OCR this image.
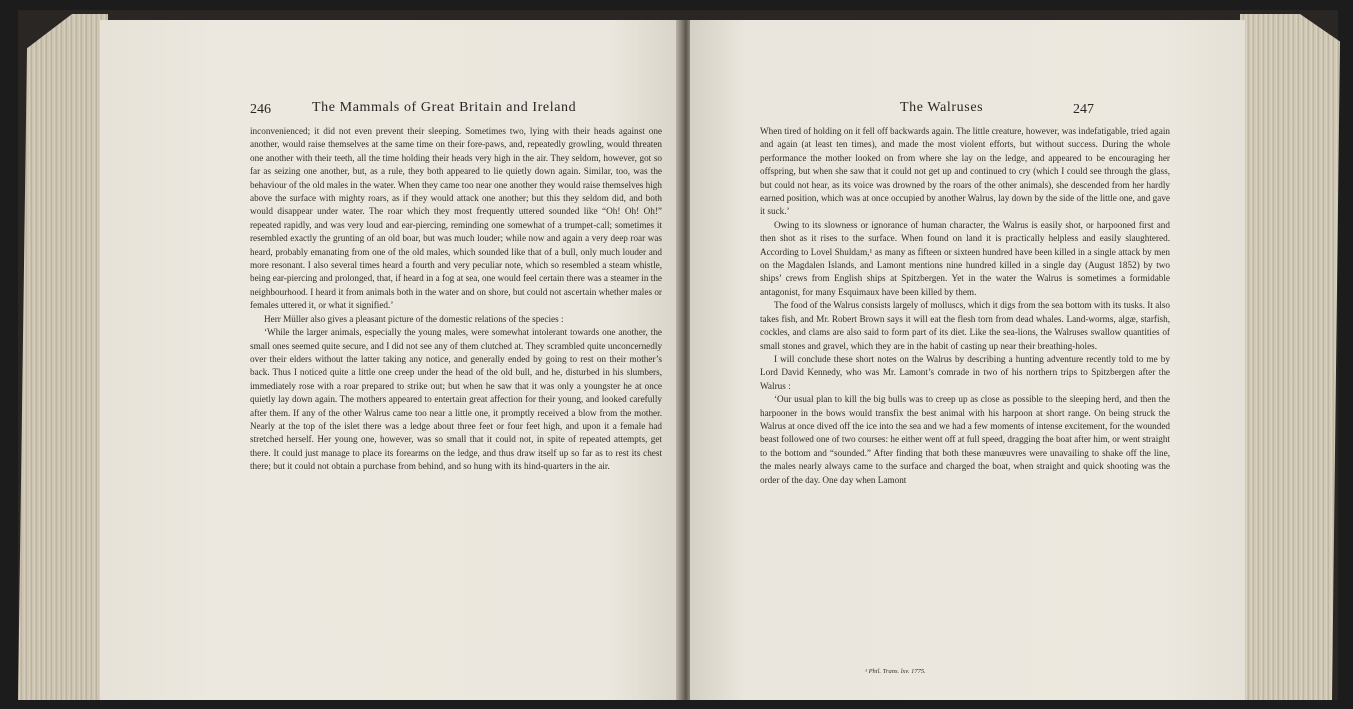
246	The Mammals of Great Britain and Ireland

inconvenienced; it did not even prevent their sleeping. Sometimes two, lying with their heads against one another, would raise themselves at the same time on their fore-paws, and, repeatedly growling, would threaten one another with their teeth, all the time holding their heads very high in the air. They seldom, however, got so far as seizing one another, but, as a rule, they both appeared to lie quietly down again. Similar, too, was the behaviour of the old males in the water. When they came too near one another they would raise themselves high above the surface with mighty roars, as if they would attack one another; but this they seldom did, and both would disappear under water. The roar which they most frequently uttered sounded like “Oh! Oh! Oh!” repeated rapidly, and was very loud and ear-piercing, reminding one somewhat of a trumpet-call; sometimes it resembled exactly the grunting of an old boar, but was much louder; while now and again a very deep roar was heard, probably emanating from one of the old males, which sounded like that of a bull, only much louder and more resonant. I also several times heard a fourth and very peculiar note, which so resembled a steam whistle, being ear-piercing and prolonged, that, if heard in a fog at sea, one would feel certain there was a steamer in the neighbourhood. I heard it from animals both in the water and on shore, but could not ascertain whether males or females uttered it, or what it signified.’

Herr Müller also gives a pleasant picture of the domestic relations of the species :

‘While the larger animals, especially the young males, were somewhat intolerant towards one another, the small ones seemed quite secure, and I did not see any of them clutched at. They scrambled quite unconcernedly over their elders without the latter taking any notice, and generally ended by going to rest on their mother’s back. Thus I noticed quite a little one creep under the head of the old bull, and he, disturbed in his slumbers, immediately rose with a roar prepared to strike out; but when he saw that it was only a youngster he at once quietly lay down again. The mothers appeared to entertain great affection for their young, and looked carefully after them. If any of the other Walrus came too near a little one, it promptly received a blow from the mother. Nearly at the top of the islet there was a ledge about three feet or four feet high, and upon it a female had stretched herself. Her young one, however, was so small that it could not, in spite of repeated attempts, get there. It could just manage to place its forearms on the ledge, and thus draw itself up so far as to rest its chest there; but it could not obtain a purchase from behind, and so hung with its hind-quarters in the air.

The Walruses	247

When tired of holding on it fell off backwards again. The little creature, however, was indefatigable, tried again and again (at least ten times), and made the most violent efforts, but without success. During the whole performance the mother looked on from where she lay on the ledge, and appeared to be encouraging her offspring, but when she saw that it could not get up and continued to cry (which I could see through the glass, but could not hear, as its voice was drowned by the roars of the other animals), she descended from her hardly earned position, which was at once occupied by another Walrus, lay down by the side of the little one, and gave it suck.’

Owing to its slowness or ignorance of human character, the Walrus is easily shot, or harpooned first and then shot as it rises to the surface. When found on land it is practically helpless and easily slaughtered. According to Lovel Shuldam,¹ as many as fifteen or sixteen hundred have been killed in a single attack by men on the Magdalen Islands, and Lamont mentions nine hundred killed in a single day (August 1852) by two ships’ crews from English ships at Spitzbergen. Yet in the water the Walrus is sometimes a formidable antagonist, for many Esquimaux have been killed by them.

The food of the Walrus consists largely of molluscs, which it digs from the sea bottom with its tusks. It also takes fish, and Mr. Robert Brown says it will eat the flesh torn from dead whales. Land-worms, algæ, starfish, cockles, and clams are also said to form part of its diet. Like the sea-lions, the Walruses swallow quantities of small stones and gravel, which they are in the habit of casting up near their breathing-holes.

I will conclude these short notes on the Walrus by describing a hunting adventure recently told to me by Lord David Kennedy, who was Mr. Lamont’s comrade in two of his northern trips to Spitzbergen after the Walrus :

‘Our usual plan to kill the big bulls was to creep up as close as possible to the sleeping herd, and then the harpooner in the bows would transfix the best animal with his harpoon at short range. On being struck the Walrus at once dived off the ice into the sea and we had a few moments of intense excitement, for the wounded beast followed one of two courses: he either went off at full speed, dragging the boat after him, or went straight to the bottom and “sounded.” After finding that both these manœuvres were unavailing to shake off the line, the males nearly always came to the surface and charged the boat, when straight and quick shooting was the order of the day. One day when Lamont

¹ Phil. Trans. lxv. 1775.
